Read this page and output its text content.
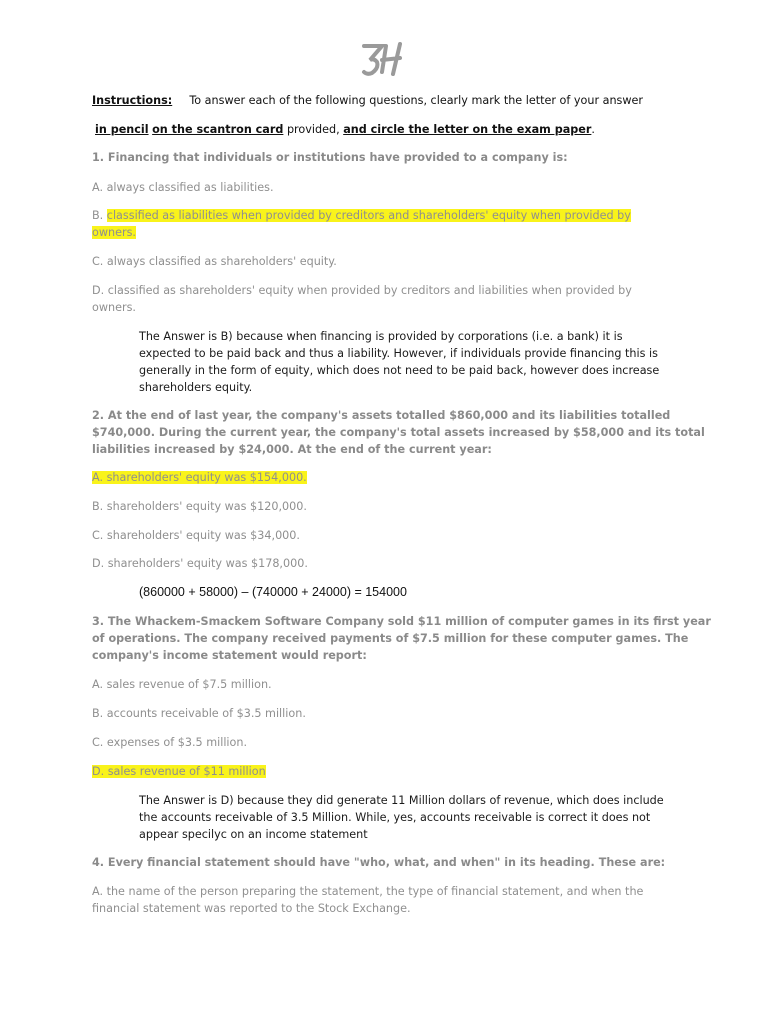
Instructions: To answer each of the following questions, clearly mark the letter of your answer
in pencil on the scantron card provided, and circle the letter on the exam paper.
1. Financing that individuals or institutions have provided to a company is:
A. always classified as liabilities.
B. classified as liabilities when provided by creditors and shareholders' equity when provided by
owners.
C. always classified as shareholders' equity.
D. classified as shareholders' equity when provided by creditors and liabilities when provided by
owners.
The Answer is B) because when financing is provided by corporations (i.e. a bank) it is
expected to be paid back and thus a liability. However, if individuals provide financing this is
generally in the form of equity, which does not need to be paid back, however does increase
shareholders equity.
2. At the end of last year, the company's assets totalled $860,000 and its liabilities totalled
$740,000. During the current year, the company's total assets increased by $58,000 and its total
liabilities increased by $24,000. At the end of the current year:
A. shareholders' equity was $154,000.
B. shareholders' equity was $120,000.
C. shareholders' equity was $34,000.
D. shareholders' equity was $178,000.
(860000 + 58000) – (740000 + 24000) = 154000
3. The Whackem-Smackem Software Company sold $11 million of computer games in its first year
of operations. The company received payments of $7.5 million for these computer games. The
company's income statement would report:
A. sales revenue of $7.5 million.
B. accounts receivable of $3.5 million.
C. expenses of $3.5 million.
D. sales revenue of $11 million
The Answer is D) because they did generate 11 Million dollars of revenue, which does include
the accounts receivable of 3.5 Million. While, yes, accounts receivable is correct it does not
appear specilyc on an income statement
4. Every financial statement should have "who, what, and when" in its heading. These are:
A. the name of the person preparing the statement, the type of financial statement, and when the
financial statement was reported to the Stock Exchange.
